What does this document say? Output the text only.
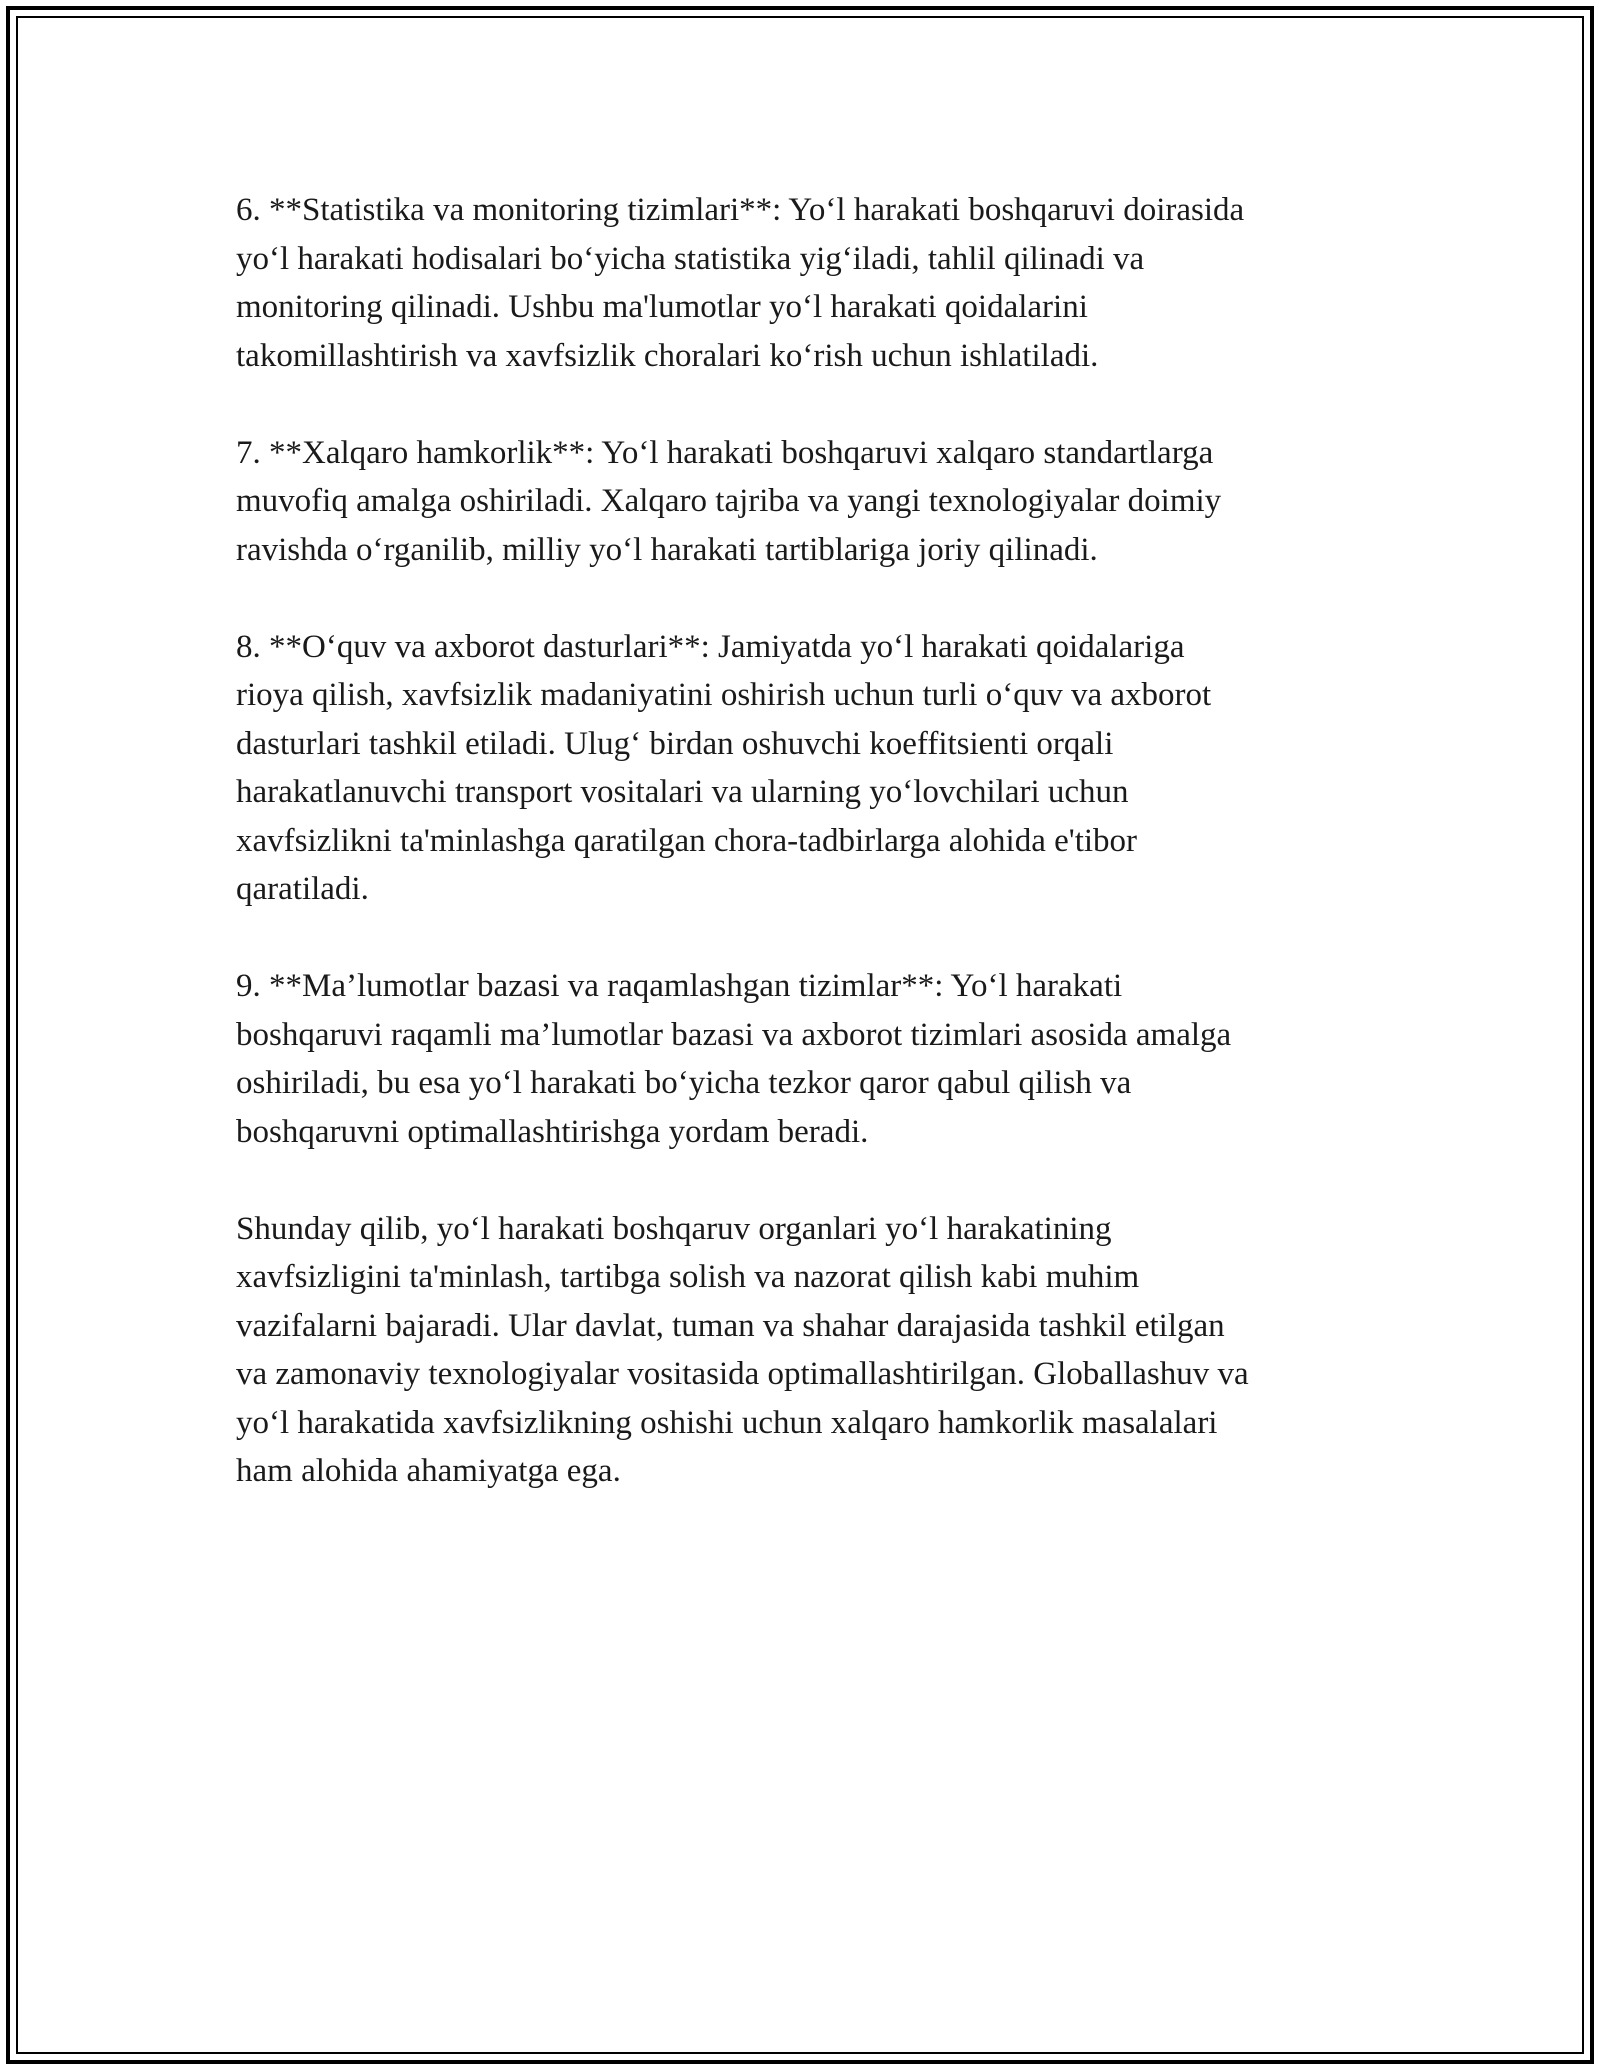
6. **Statistika va monitoring tizimlari**: Yo‘l harakati boshqaruvi doirasida
yo‘l harakati hodisalari bo‘yicha statistika yig‘iladi, tahlil qilinadi va
monitoring qilinadi. Ushbu ma'lumotlar yo‘l harakati qoidalarini
takomillashtirish va xavfsizlik choralari ko‘rish uchun ishlatiladi.

7. **Xalqaro hamkorlik**: Yo‘l harakati boshqaruvi xalqaro standartlarga
muvofiq amalga oshiriladi. Xalqaro tajriba va yangi texnologiyalar doimiy
ravishda o‘rganilib, milliy yo‘l harakati tartiblariga joriy qilinadi.

8. **O‘quv va axborot dasturlari**: Jamiyatda yo‘l harakati qoidalariga
rioya qilish, xavfsizlik madaniyatini oshirish uchun turli o‘quv va axborot
dasturlari tashkil etiladi. Ulug‘ birdan oshuvchi koeffitsienti orqali
harakatlanuvchi transport vositalari va ularning yo‘lovchilari uchun
xavfsizlikni ta'minlashga qaratilgan chora-tadbirlarga alohida e'tibor
qaratiladi.

9. **Ma’lumotlar bazasi va raqamlashgan tizimlar**: Yo‘l harakati
boshqaruvi raqamli ma’lumotlar bazasi va axborot tizimlari asosida amalga
oshiriladi, bu esa yo‘l harakati bo‘yicha tezkor qaror qabul qilish va
boshqaruvni optimallashtirishga yordam beradi.

Shunday qilib, yo‘l harakati boshqaruv organlari yo‘l harakatining
xavfsizligini ta'minlash, tartibga solish va nazorat qilish kabi muhim
vazifalarni bajaradi. Ular davlat, tuman va shahar darajasida tashkil etilgan
va zamonaviy texnologiyalar vositasida optimallashtirilgan. Globallashuv va
yo‘l harakatida xavfsizlikning oshishi uchun xalqaro hamkorlik masalalari
ham alohida ahamiyatga ega.
